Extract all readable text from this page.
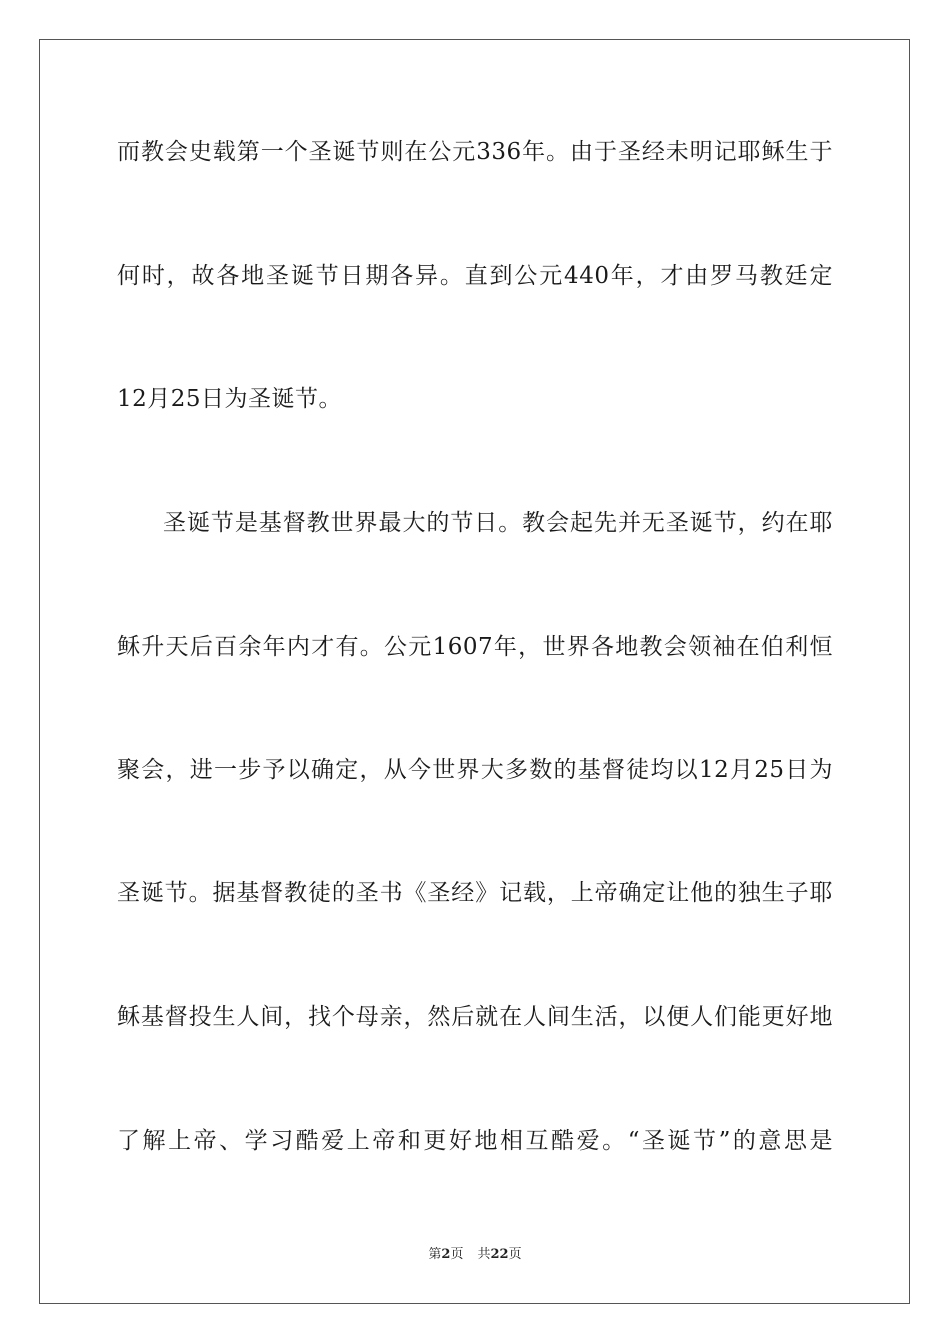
而教会史载第一个圣诞节则在公元336年。由于圣经未明记耶稣生于
何时，故各地圣诞节日期各异。直到公元440年，才由罗马教廷定
12月25日为圣诞节。
圣诞节是基督教世界最大的节日。教会起先并无圣诞节，约在耶
稣升天后百余年内才有。公元1607年，世界各地教会领袖在伯利恒
聚会，进一步予以确定，从今世界大多数的基督徒均以12月25日为
圣诞节。据基督教徒的圣书《圣经》记载，上帝确定让他的独生子耶
稣基督投生人间，找个母亲，然后就在人间生活，以便人们能更好地
了解上帝、学习酷爱上帝和更好地相互酷爱。“圣诞节”的意思是
第2页 共22页
